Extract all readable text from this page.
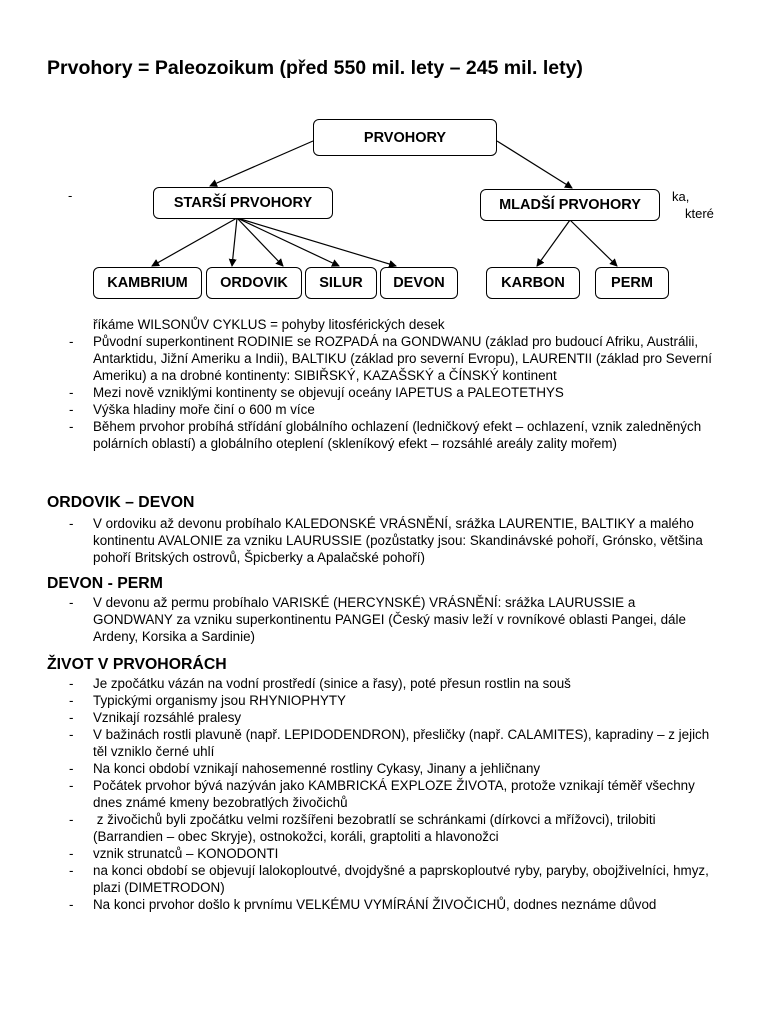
Prvohory = Paleozoikum (před 550 mil. lety – 245 mil. lety)
PRVOHORY
STARŠÍ PRVOHORY	MLADŠÍ PRVOHORY
KAMBRIUM ORDOVIK SILUR DEVON	KARBON	PERM
-	ka,
které
říkáme WILSONŮV CYKLUS = pohyby litosférických desek
- Původní superkontinent RODINIE se ROZPADÁ na GONDWANU (základ pro budoucí Afriku, Austrálii, Antarktidu, Jižní Ameriku a Indii), BALTIKU (základ pro severní Evropu), LAURENTII (základ pro Severní Ameriku) a na drobné kontinenty: SIBIŘSKÝ, KAZAŠSKÝ a ČÍNSKÝ kontinent
- Mezi nově vzniklými kontinenty se objevují oceány IAPETUS a PALEOTETHYS
- Výška hladiny moře činí o 600 m více
- Během prvohor probíhá střídání globálního ochlazení (ledničkový efekt – ochlazení, vznik zaledněných polárních oblastí) a globálního oteplení (skleníkový efekt – rozsáhlé areály zality mořem)
ORDOVIK – DEVON
- V ordoviku až devonu probíhalo KALEDONSKÉ VRÁSNĚNÍ, srážka LAURENTIE, BALTIKY a malého kontinentu AVALONIE za vzniku LAURUSSIE (pozůstatky jsou: Skandinávské pohoří, Grónsko, většina pohoří Britských ostrovů, Špicberky a Apalačské pohoří)
DEVON - PERM
- V devonu až permu probíhalo VARISKÉ (HERCYNSKÉ) VRÁSNĚNÍ: srážka LAURUSSIE a GONDWANY za vzniku superkontinentu PANGEI (Český masiv leží v rovníkové oblasti Pangei, dále Ardeny, Korsika a Sardinie)
ŽIVOT V PRVOHORÁCH
- Je zpočátku vázán na vodní prostředí (sinice a řasy), poté přesun rostlin na souš
- Typickými organismy jsou RHYNIOPHYTY
- Vznikají rozsáhlé pralesy
- V bažinách rostli plavuně (např. LEPIDODENDRON), přesličky (např. CALAMITES), kapradiny – z jejich těl vzniklo černé uhlí
- Na konci období vznikají nahosemenné rostliny Cykasy, Jinany a jehličnany
- Počátek prvohor bývá nazýván jako KAMBRICKÁ EXPLOZE ŽIVOTA, protože vznikají téměř všechny dnes známé kmeny bezobratlých živočichů
- z živočichů byli zpočátku velmi rozšířeni bezobratlí se schránkami (dírkovci a mřížovci), trilobiti (Barrandien – obec Skryje), ostnokožci, koráli, graptoliti a hlavonožci
- vznik strunatců – KONODONTI
- na konci období se objevují lalokoploutvé, dvojdyšné a paprskoploutvé ryby, paryby, obojživelníci, hmyz, plazi (DIMETRODON)
- Na konci prvohor došlo k prvnímu VELKÉMU VYMÍRÁNÍ ŽIVOČICHŮ, dodnes neznáme důvod
